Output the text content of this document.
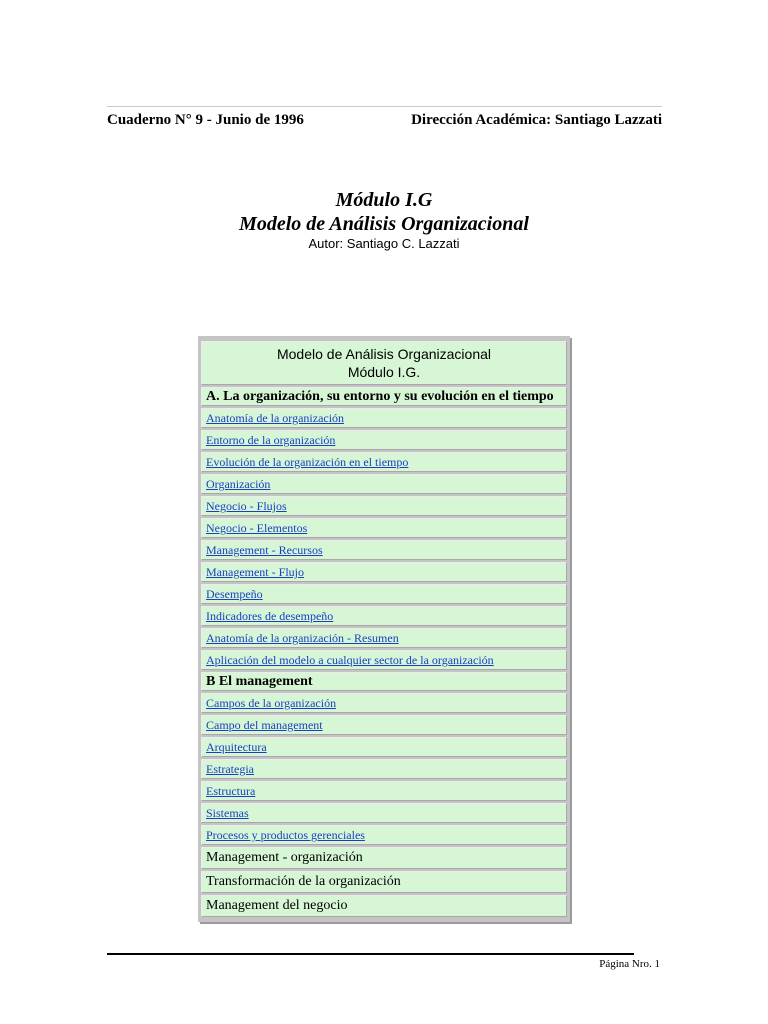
Cuaderno N° 9 - Junio de 1996	Dirección Académica: Santiago Lazzati
Módulo I.G
Modelo de Análisis Organizacional
Autor: Santiago C. Lazzati
Modelo de Análisis Organizacional
Módulo I.G.

A. La organización, su entorno y su evolución en el tiempo
Anatomía de la organización
Entorno de la organización
Evolución de la organización en el tiempo
Organización
Negocio - Flujos
Negocio - Elementos
Management - Recursos
Management - Flujo
Desempeño
Indicadores de desempeño
Anatomía de la organización - Resumen
Aplicación del modelo a cualquier sector de la organización
B El management
Campos de la organización
Campo del management
Arquitectura
Estrategia
Estructura
Sistemas
Procesos y productos gerenciales
Management - organización
Transformación de la organización
Management del negocio
Página Nro. 1
